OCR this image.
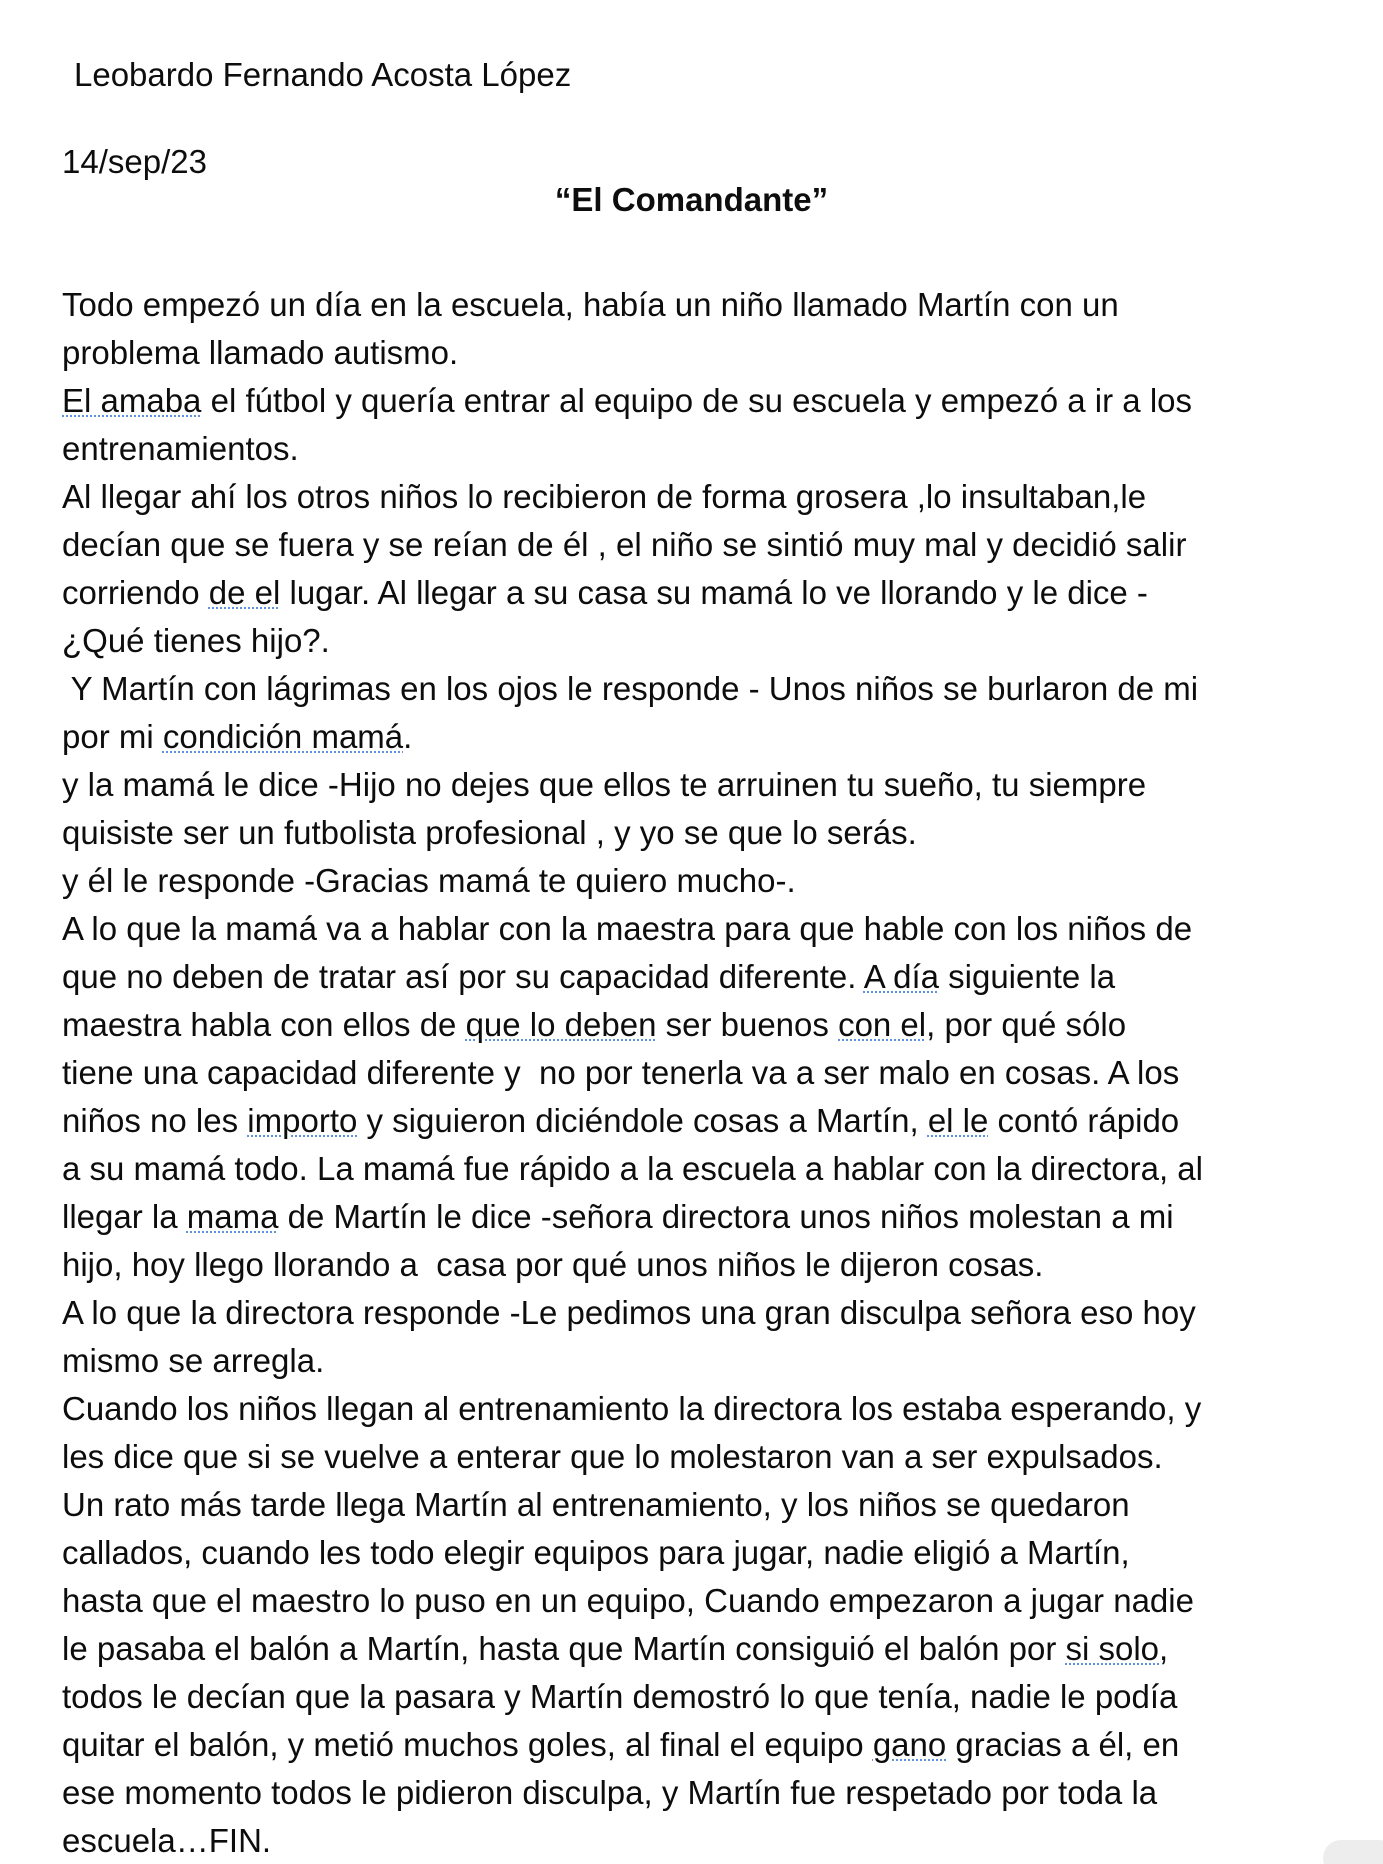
Leobardo Fernando Acosta López
14/sep/23
“El Comandante”
Todo empezó un día en la escuela, había un niño llamado Martín con un
problema llamado autismo.
El amaba el fútbol y quería entrar al equipo de su escuela y empezó a ir a los
entrenamientos.
Al llegar ahí los otros niños lo recibieron de forma grosera ,lo insultaban,le
decían que se fuera y se reían de él , el niño se sintió muy mal y decidió salir
corriendo de el lugar. Al llegar a su casa su mamá lo ve llorando y le dice -
¿Qué tienes hijo?.
Y Martín con lágrimas en los ojos le responde - Unos niños se burlaron de mi
por mi condición mamá.
y la mamá le dice -Hijo no dejes que ellos te arruinen tu sueño, tu siempre
quisiste ser un futbolista profesional , y yo se que lo serás.
y él le responde -Gracias mamá te quiero mucho-.
A lo que la mamá va a hablar con la maestra para que hable con los niños de
que no deben de tratar así por su capacidad diferente. A día siguiente la
maestra habla con ellos de que lo deben ser buenos con el, por qué sólo
tiene una capacidad diferente y  no por tenerla va a ser malo en cosas. A los
niños no les importo y siguieron diciéndole cosas a Martín, el le contó rápido
a su mamá todo. La mamá fue rápido a la escuela a hablar con la directora, al
llegar la mama de Martín le dice -señora directora unos niños molestan a mi
hijo, hoy llego llorando a  casa por qué unos niños le dijeron cosas.
A lo que la directora responde -Le pedimos una gran disculpa señora eso hoy
mismo se arregla.
Cuando los niños llegan al entrenamiento la directora los estaba esperando, y
les dice que si se vuelve a enterar que lo molestaron van a ser expulsados.
Un rato más tarde llega Martín al entrenamiento, y los niños se quedaron
callados, cuando les todo elegir equipos para jugar, nadie eligió a Martín,
hasta que el maestro lo puso en un equipo, Cuando empezaron a jugar nadie
le pasaba el balón a Martín, hasta que Martín consiguió el balón por si solo,
todos le decían que la pasara y Martín demostró lo que tenía, nadie le podía
quitar el balón, y metió muchos goles, al final el equipo gano gracias a él, en
ese momento todos le pidieron disculpa, y Martín fue respetado por toda la
escuela…FIN.
